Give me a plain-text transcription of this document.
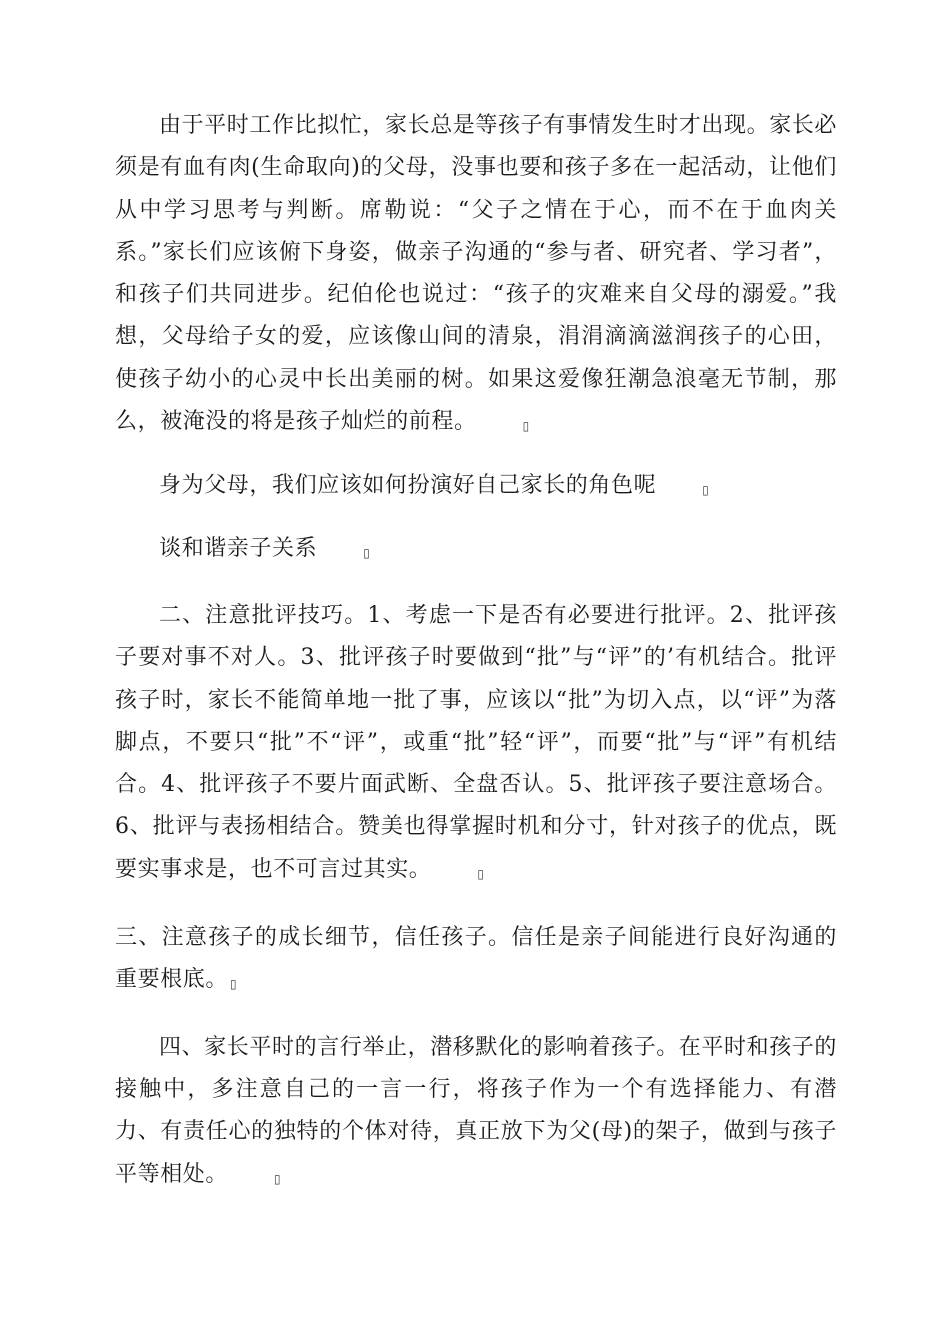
由于平时工作比拟忙，家长总是等孩子有事情发生时才出现。家长必须是有血有肉(生命取向)的父母，没事也要和孩子多在一起活动，让他们从中学习思考与判断。席勒说：“父子之情在于心，而不在于血肉关系。”家长们应该俯下身姿，做亲子沟通的“参与者、研究者、学习者”，和孩子们共同进步。纪伯伦也说过：“孩子的灾难来自父母的溺爱。”我想，父母给子女的爱，应该像山间的清泉，涓涓滴滴滋润孩子的心田，使孩子幼小的心灵中长出美丽的树。如果这爱像狂潮急浪毫无节制，那么，被淹没的将是孩子灿烂的前程。	▯

身为父母，我们应该如何扮演好自己家长的角色呢	▯

谈和谐亲子关系	▯

二、注意批评技巧。1、考虑一下是否有必要进行批评。2、批评孩子要对事不对人。3、批评孩子时要做到“批”与“评”的’有机结合。批评孩子时，家长不能简单地一批了事，应该以“批”为切入点，以“评”为落脚点，不要只“批”不“评”，或重“批”轻“评”，而要“批”与“评”有机结合。4、批评孩子不要片面武断、全盘否认。5、批评孩子要注意场合。6、批评与表扬相结合。赞美也得掌握时机和分寸，针对孩子的优点，既要实事求是，也不可言过其实。	▯

三、注意孩子的成长细节，信任孩子。信任是亲子间能进行良好沟通的重要根底。 ▯

四、家长平时的言行举止，潜移默化的影响着孩子。在平时和孩子的接触中，多注意自己的一言一行，将孩子作为一个有选择能力、有潜力、有责任心的独特的个体对待，真正放下为父(母)的架子，做到与孩子平等相处。	▯
